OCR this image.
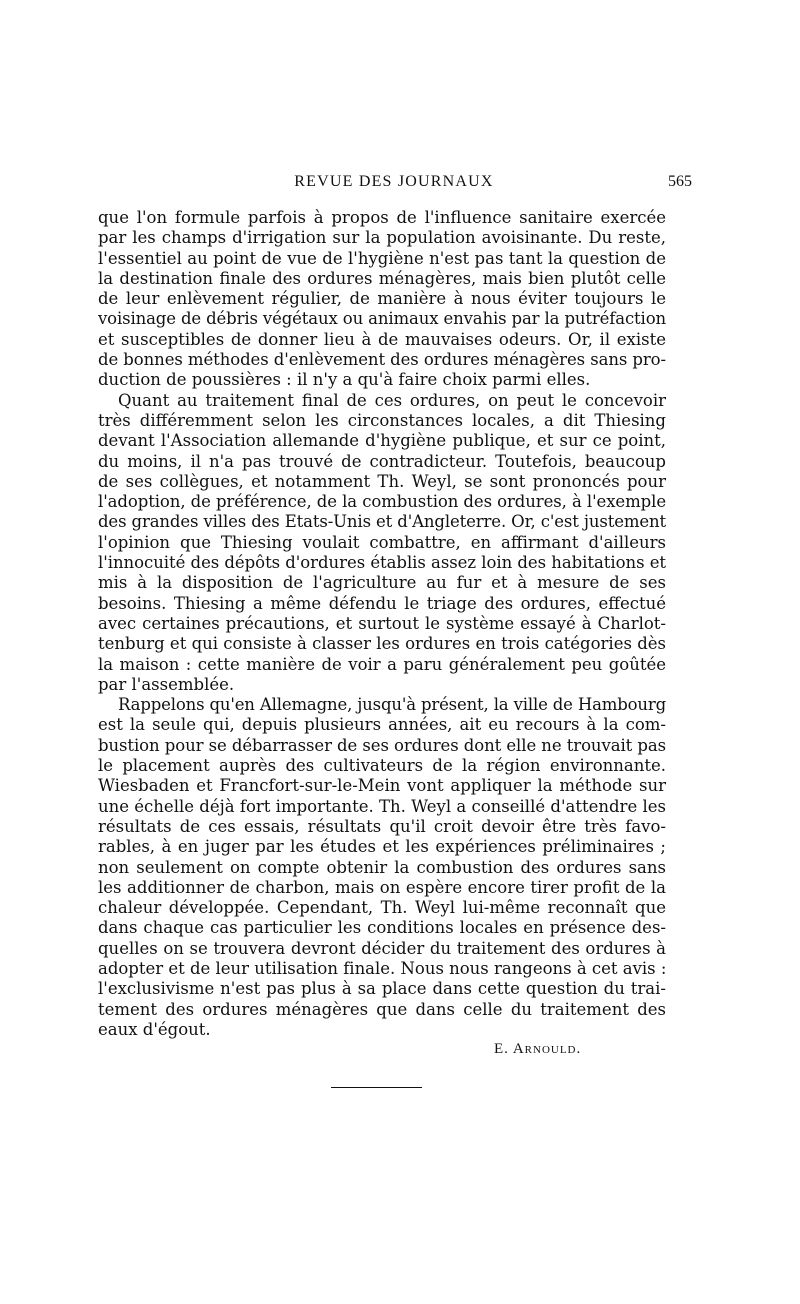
REVUE DES JOURNAUX	565
que l'on formule parfois à propos de l'influence sanitaire exercée
par les champs d'irrigation sur la population avoisinante. Du reste,
l'essentiel au point de vue de l'hygiène n'est pas tant la question de
la destination finale des ordures ménagères, mais bien plutôt celle
de leur enlèvement régulier, de manière à nous éviter toujours le
voisinage de débris végétaux ou animaux envahis par la putréfaction
et susceptibles de donner lieu à de mauvaises odeurs. Or, il existe
de bonnes méthodes d'enlèvement des ordures ménagères sans pro-
duction de poussières : il n'y a qu'à faire choix parmi elles.
Quant au traitement final de ces ordures, on peut le concevoir
très différemment selon les circonstances locales, a dit Thiesing
devant l'Association allemande d'hygiène publique, et sur ce point,
du moins, il n'a pas trouvé de contradicteur. Toutefois, beaucoup
de ses collègues, et notamment Th. Weyl, se sont prononcés pour
l'adoption, de préférence, de la combustion des ordures, à l'exemple
des grandes villes des Etats-Unis et d'Angleterre. Or, c'est justement
l'opinion que Thiesing voulait combattre, en affirmant d'ailleurs
l'innocuité des dépôts d'ordures établis assez loin des habitations et
mis à la disposition de l'agriculture au fur et à mesure de ses
besoins. Thiesing a même défendu le triage des ordures, effectué
avec certaines précautions, et surtout le système essayé à Charlot-
tenburg et qui consiste à classer les ordures en trois catégories dès
la maison : cette manière de voir a paru généralement peu goûtée
par l'assemblée.
Rappelons qu'en Allemagne, jusqu'à présent, la ville de Hambourg
est la seule qui, depuis plusieurs années, ait eu recours à la com-
bustion pour se débarrasser de ses ordures dont elle ne trouvait pas
le placement auprès des cultivateurs de la région environnante.
Wiesbaden et Francfort-sur-le-Mein vont appliquer la méthode sur
une échelle déjà fort importante. Th. Weyl a conseillé d'attendre les
résultats de ces essais, résultats qu'il croit devoir être très favo-
rables, à en juger par les études et les expériences préliminaires ;
non seulement on compte obtenir la combustion des ordures sans
les additionner de charbon, mais on espère encore tirer profit de la
chaleur développée. Cependant, Th. Weyl lui-même reconnaît que
dans chaque cas particulier les conditions locales en présence des-
quelles on se trouvera devront décider du traitement des ordures à
adopter et de leur utilisation finale. Nous nous rangeons à cet avis :
l'exclusivisme n'est pas plus à sa place dans cette question du trai-
tement des ordures ménagères que dans celle du traitement des
eaux d'égout.
E. Arnould.
